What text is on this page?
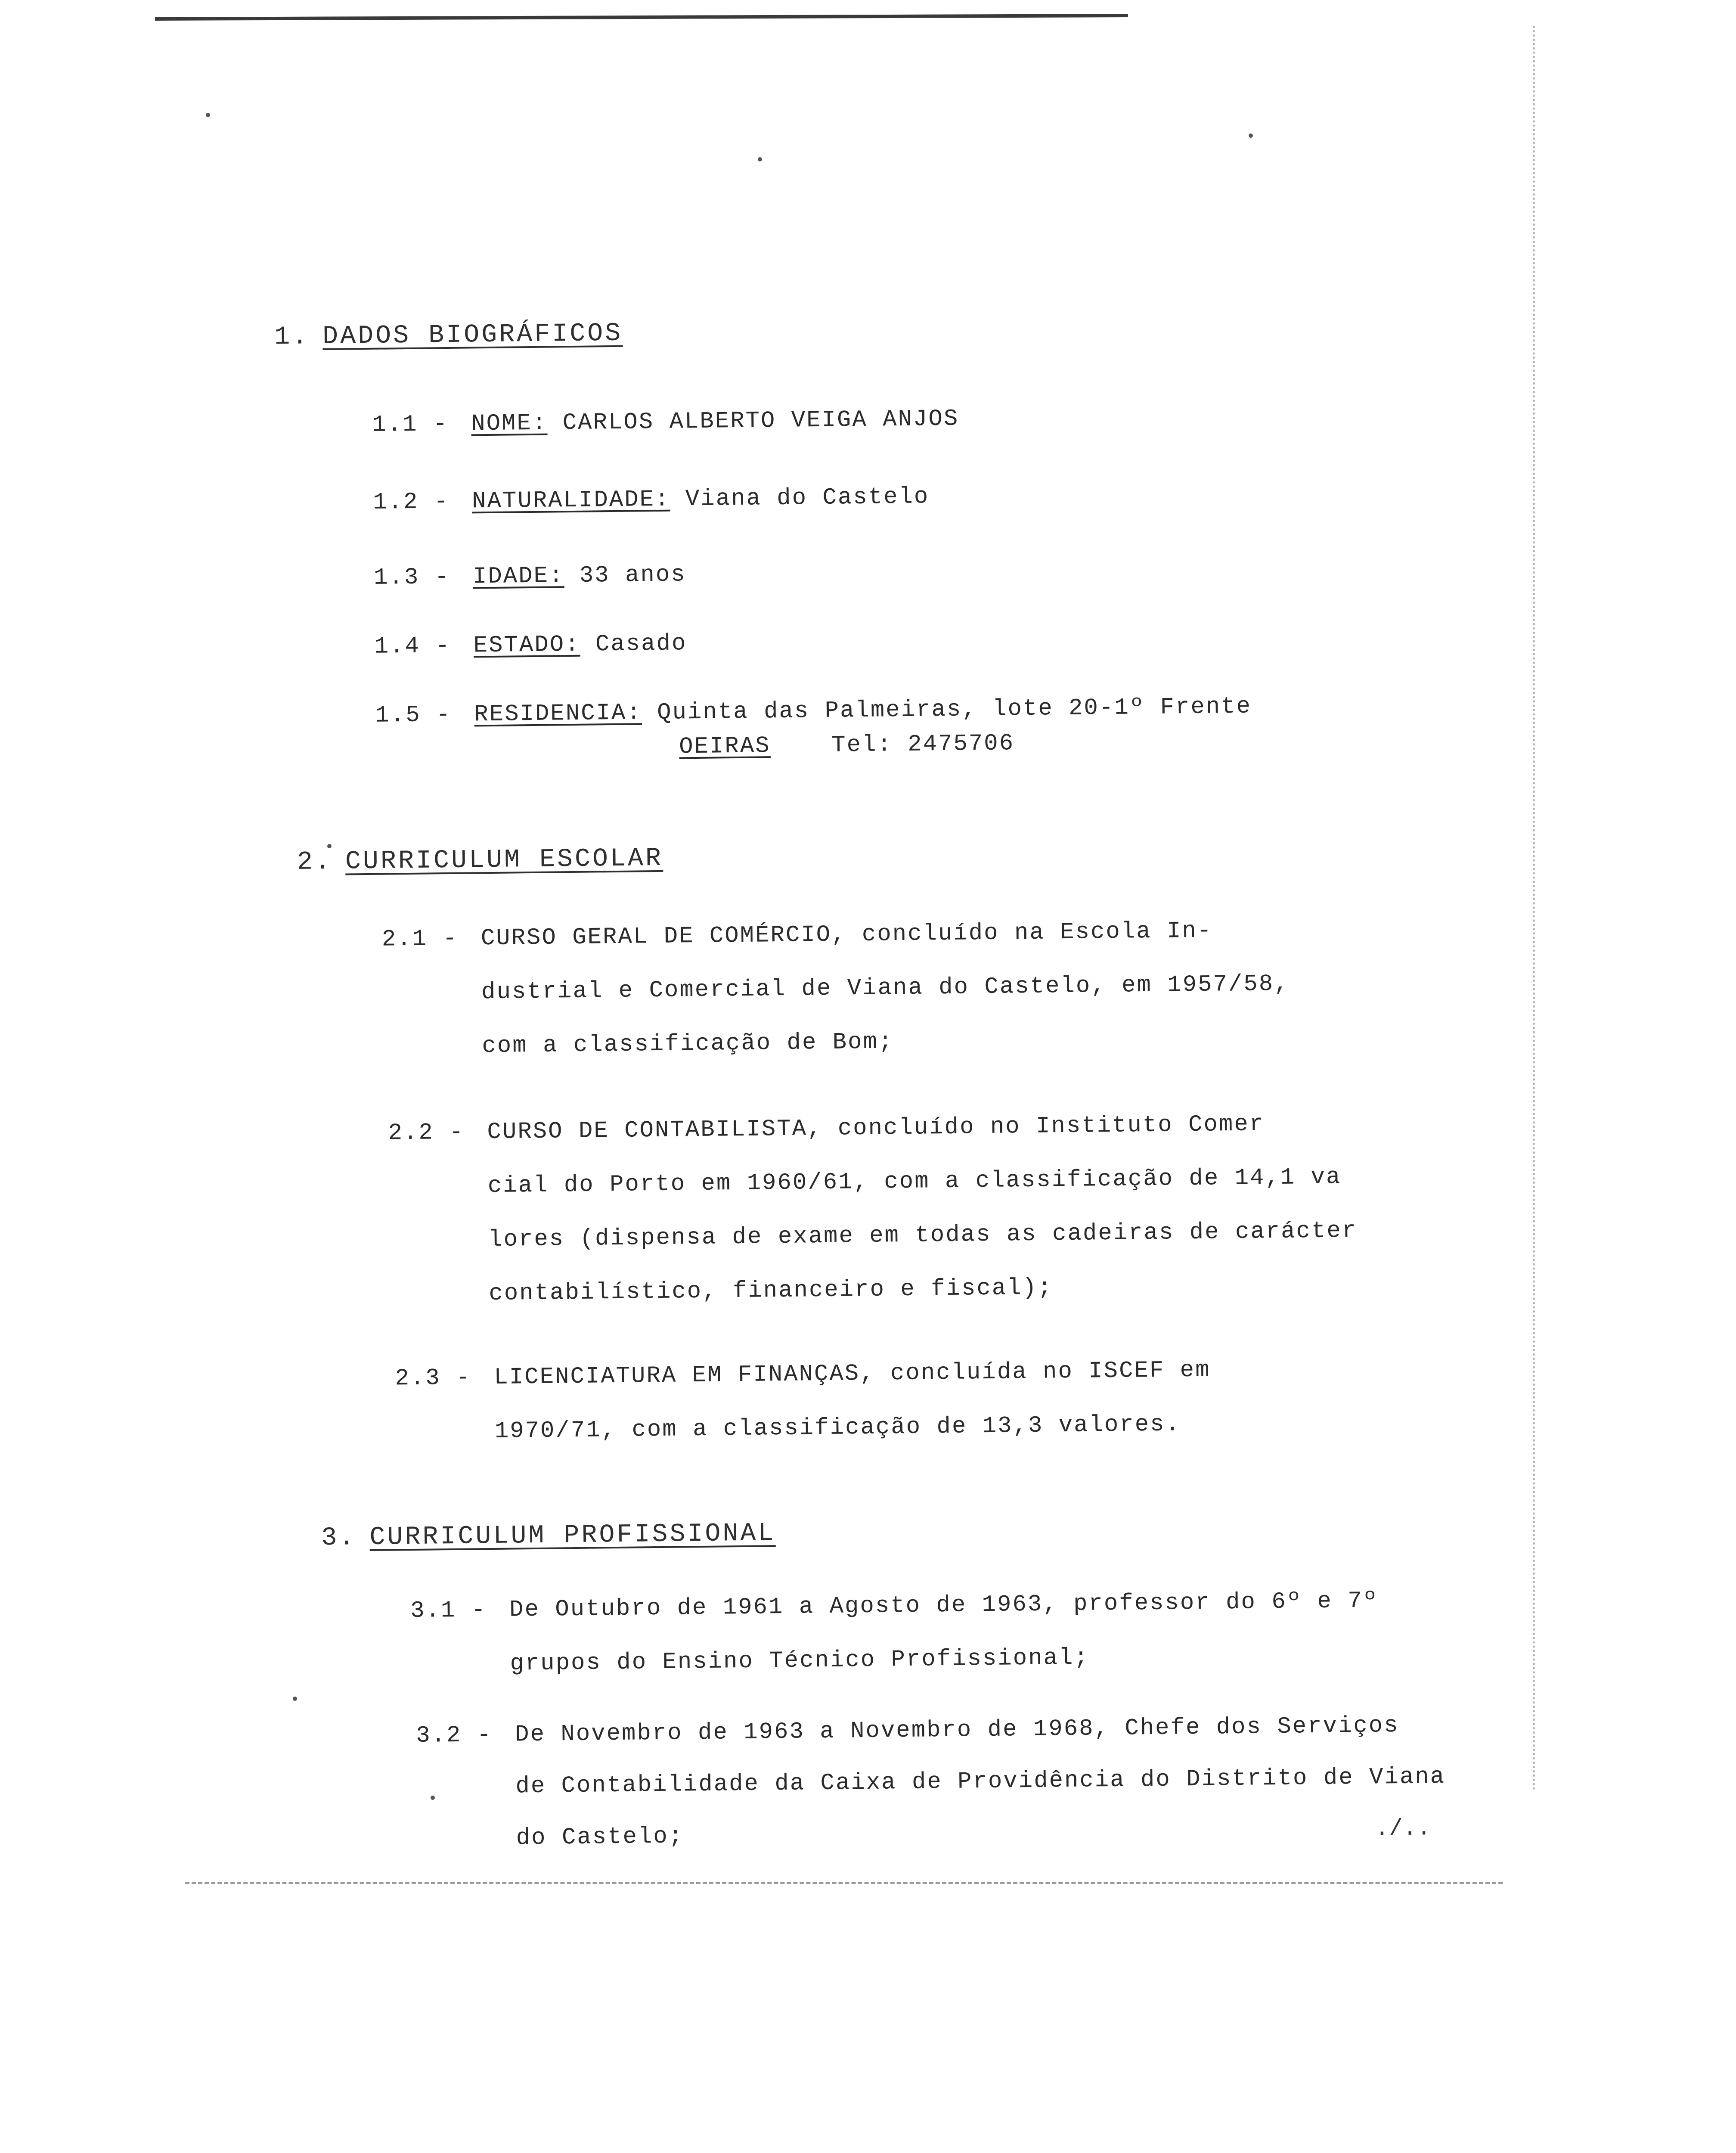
1. DADOS BIOGRÁFICOS
1.1 - NOME: CARLOS ALBERTO VEIGA ANJOS
1.2 - NATURALIDADE: Viana do Castelo
1.3 - IDADE: 33 anos
1.4 - ESTADO: Casado
1.5 - RESIDENCIA: Quinta das Palmeiras, lote 20-1º Frente
OEIRAS	Tel: 2475706
2. CURRICULUM ESCOLAR
2.1 - CURSO GERAL DE COMÉRCIO, concluído na Escola In-
dustrial e Comercial de Viana do Castelo, em 1957/58,
com a classificação de Bom;
2.2 - CURSO DE CONTABILISTA, concluído no Instituto Comer
cial do Porto em 1960/61, com a classificação de 14,1 va
lores (dispensa de exame em todas as cadeiras de carácter
contabilístico, financeiro e fiscal);
2.3 - LICENCIATURA EM FINANÇAS, concluída no ISCEF em
1970/71, com a classificação de 13,3 valores.
3. CURRICULUM PROFISSIONAL
3.1 - De Outubro de 1961 a Agosto de 1963, professor do 6º e 7º
grupos do Ensino Técnico Profissional;
3.2 - De Novembro de 1963 a Novembro de 1968, Chefe dos Serviços
de Contabilidade da Caixa de Providência do Distrito de Viana
do Castelo;	./..
